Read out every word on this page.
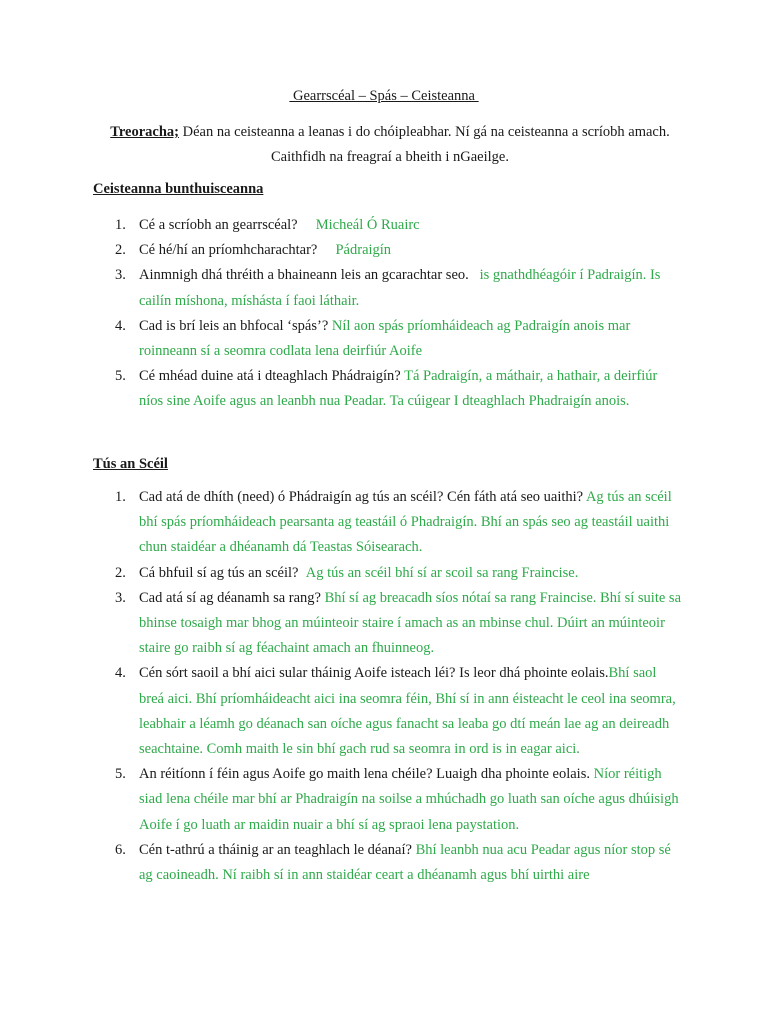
Gearrscéal – Spás – Ceisteanna
Treoracha; Déan na ceisteanna a leanas i do chóipleabhar. Ní gá na ceisteanna a scríobh amach. Caithfidh na freagraí a bheith i nGaeilge.
Ceisteanna bunthuisceanna
1. Cé a scríobh an gearrscéal? Micheál Ó Ruairc
2. Cé hé/hí an príomhcharachtar? Pádraigín
3. Ainmnigh dhá thréith a bhaineann leis an gcarachtar seo. is gnathdhéagóir í Padraigín. Is cailín míshona, míshásta í faoi láthair.
4. Cad is brí leis an bhfocal ‘spás’? Níl aon spás príomháideach ag Padraigín anois mar roinneann sí a seomra codlata lena deirfiúr Aoife
5. Cé mhéad duine atá i dteaghlach Phádraigín? Tá Padraigín, a máthair, a hathair, a deirfiúr níos sine Aoife agus an leanbh nua Peadar. Ta cúigear I dteaghlach Phadraigín anois.
Tús an Scéil
1. Cad atá de dhíth (need) ó Phádraigín ag tús an scéil? Cén fáth atá seo uaithi? Ag tús an scéil bhí spás príomháideach pearsanta ag teastáil ó Phadraigín. Bhí an spás seo ag teastáil uaithi chun staidéar a dhéanamh dá Teastas Sóisearach.
2. Cá bhfuil sí ag tús an scéil? Ag tús an scéil bhí sí ar scoil sa rang Fraincise.
3. Cad atá sí ag déanamh sa rang? Bhí sí ag breacadh síos nótaí sa rang Fraincise. Bhí sí suite sa bhinse tosaigh mar bhog an múinteoir staire í amach as an mbinse chul. Dúirt an múinteoir staire go raibh sí ag féachaint amach an fhuinneog.
4. Cén sórt saoil a bhí aici sular tháinig Aoife isteach léi? Is leor dhá phointe eolais.Bhí saol breá aici. Bhí príomháideacht aici ina seomra féin, Bhí sí in ann éisteacht le ceol ina seomra, leabhair a léamh go déanach san oíche agus fanacht sa leaba go dtí meán lae ag an deireadh seachtaine. Comh maith le sin bhí gach rud sa seomra in ord is in eagar aici.
5. An réitíonn í féin agus Aoife go maith lena chéile? Luaigh dha phointe eolais. Níor réitigh siad lena chéile mar bhí ar Phadraigín na soilse a mhúchadh go luath san oíche agus dhúisigh Aoife í go luath ar maidin nuair a bhí sí ag spraoi lena paystation.
6. Cén t-athrú a tháinig ar an teaghlach le déanaí? Bhí leanbh nua acu Peadar agus níor stop sé ag caoineadh. Ní raibh sí in ann staidéar ceart a dhéanamh agus bhí uirthi aire
